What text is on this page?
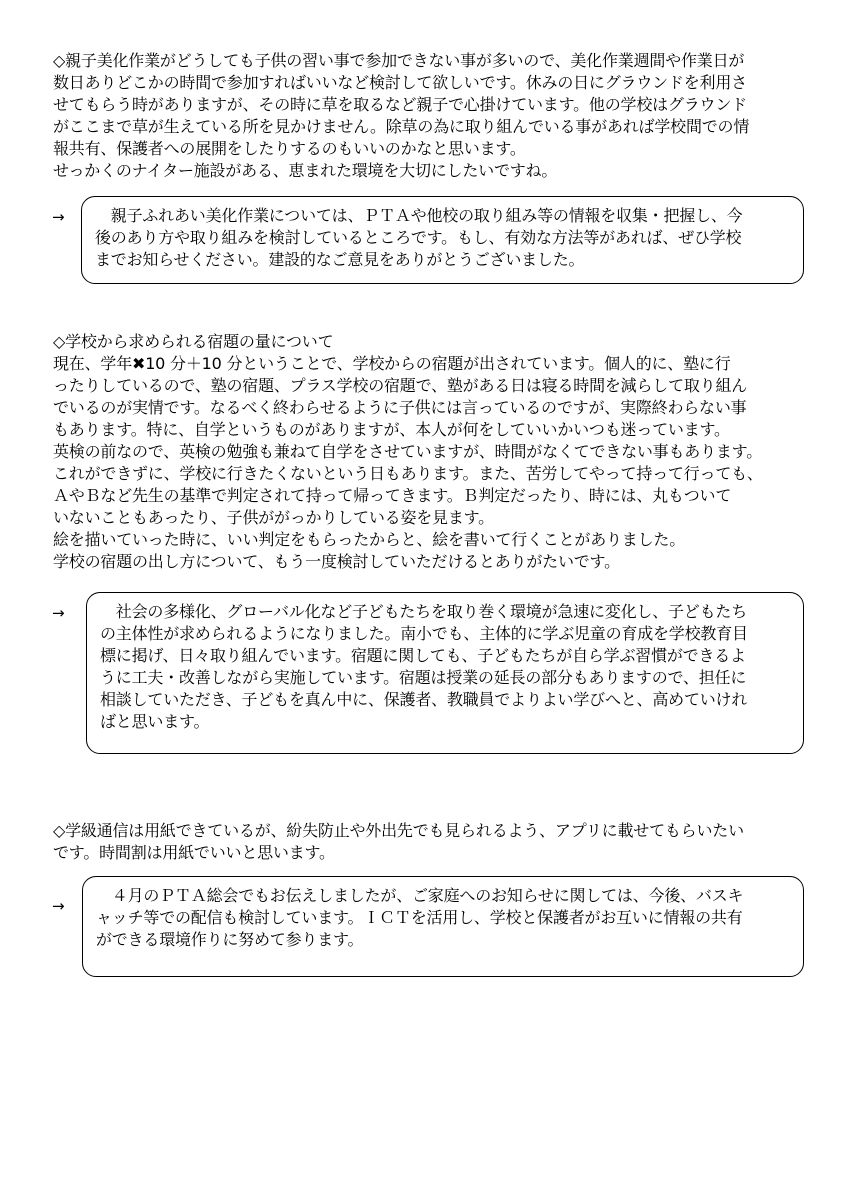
◇親子美化作業がどうしても子供の習い事で参加できない事が多いので、美化作業週間や作業日が

数日ありどこかの時間で参加すればいいなど検討して欲しいです。休みの日にグラウンドを利用さ

せてもらう時がありますが、その時に草を取るなど親子で心掛けています。他の学校はグラウンド

がここまで草が生えている所を見かけません。除草の為に取り組んでいる事があれば学校間での情

報共有、保護者への展開をしたりするのもいいのかなと思います。

せっかくのナイター施設がある、恵まれた環境を大切にしたいですね。

→ 　親子ふれあい美化作業については、ＰＴＡや他校の取り組み等の情報を収集・把握し、今

後のあり方や取り組みを検討しているところです。もし、有効な方法等があれば、ぜひ学校

までお知らせください。建設的なご意見をありがとうございました。

◇学校から求められる宿題の量について

現在、学年✖10 分＋10 分ということで、学校からの宿題が出されています。個人的に、塾に行

ったりしているので、塾の宿題、プラス学校の宿題で、塾がある日は寝る時間を減らして取り組ん

でいるのが実情です。なるべく終わらせるように子供には言っているのですが、実際終わらない事

もあります。特に、自学というものがありますが、本人が何をしていいかいつも迷っています。

英検の前なので、英検の勉強も兼ねて自学をさせていますが、時間がなくてできない事もあります。

これができずに、学校に行きたくないという日もあります。また、苦労してやって持って行っても、

ＡやＢなど先生の基準で判定されて持って帰ってきます。Ｂ判定だったり、時には、丸もついて

いないこともあったり、子供ががっかりしている姿を見ます。

絵を描いていった時に、いい判定をもらったからと、絵を書いて行くことがありました。

学校の宿題の出し方について、もう一度検討していただけるとありがたいです。

→ 　社会の多様化、グローバル化など子どもたちを取り巻く環境が急速に変化し、子どもたち

の主体性が求められるようになりました。南小でも、主体的に学ぶ児童の育成を学校教育目

標に掲げ、日々取り組んでいます。宿題に関しても、子どもたちが自ら学ぶ習慣ができるよ

うに工夫・改善しながら実施しています。宿題は授業の延長の部分もありますので、担任に

相談していただき、子どもを真ん中に、保護者、教職員でよりよい学びへと、高めていけれ

ばと思います。

◇学級通信は用紙できているが、紛失防止や外出先でも見られるよう、アプリに載せてもらいたい

です。時間割は用紙でいいと思います。

→

　４月のＰＴＡ総会でもお伝えしましたが、ご家庭へのお知らせに関しては、今後、バスキ

ャッチ等での配信も検討しています。ＩＣＴを活用し、学校と保護者がお互いに情報の共有

ができる環境作りに努めて参ります。
